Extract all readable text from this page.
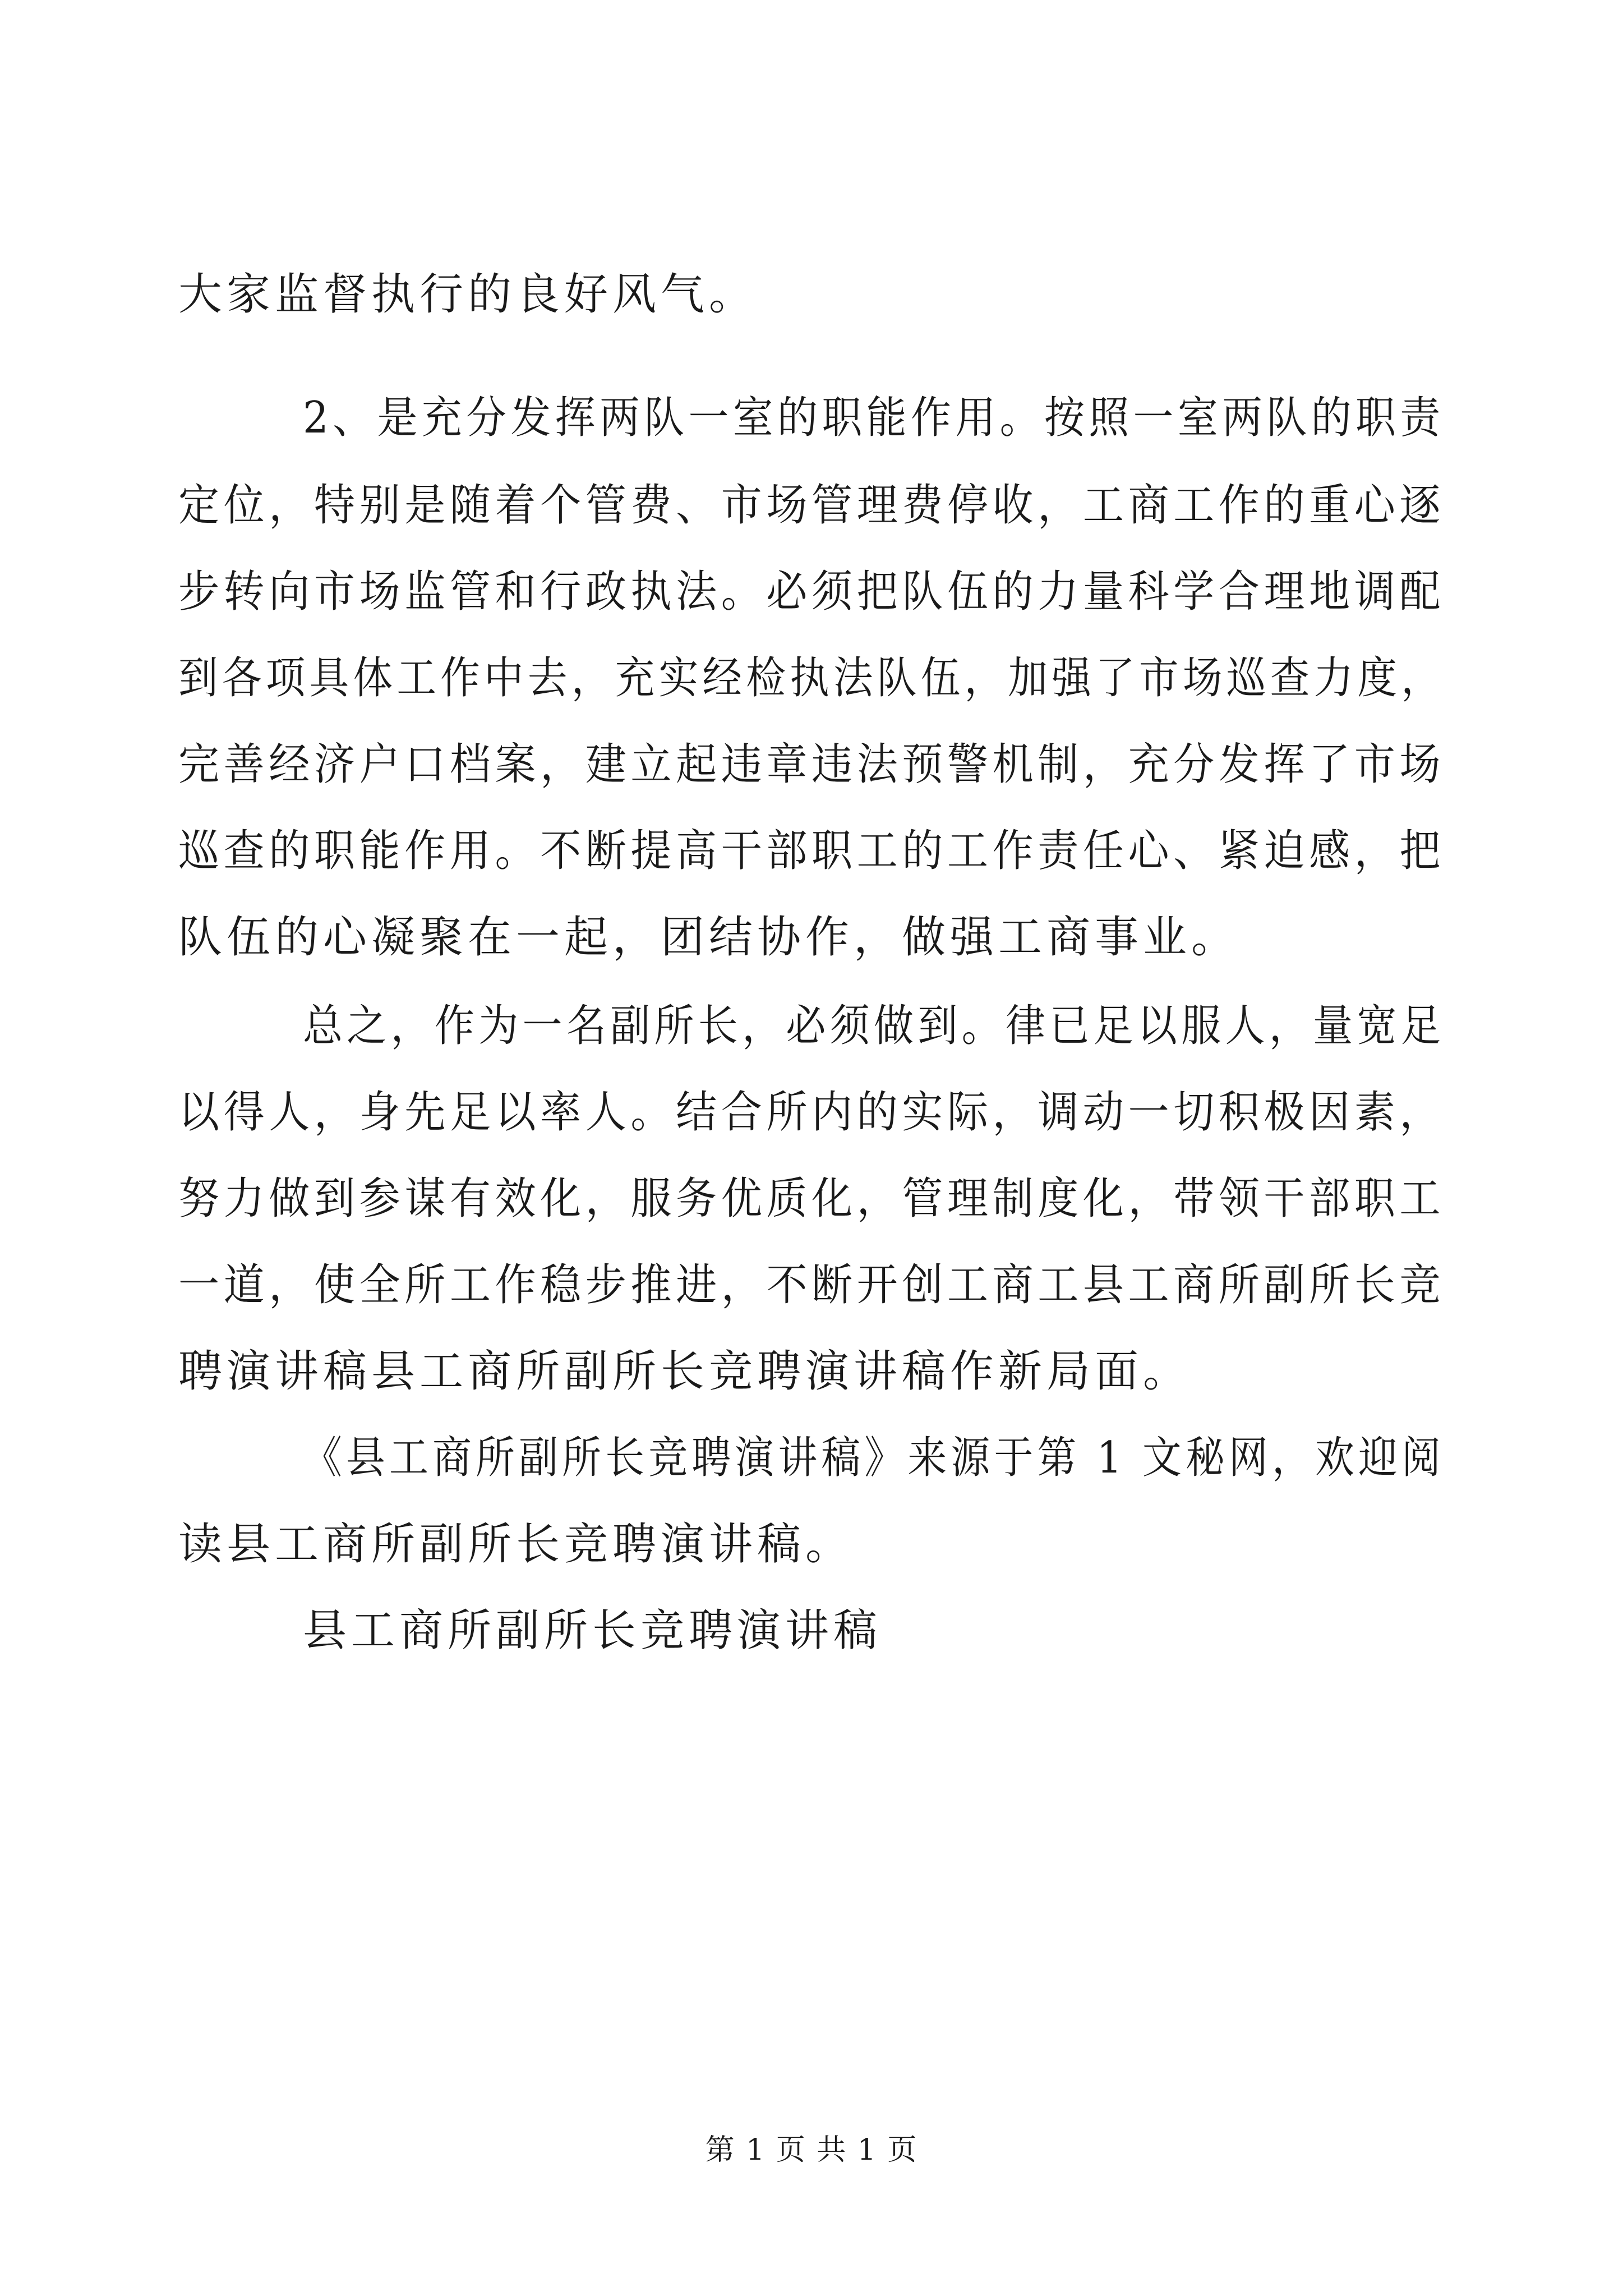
大家监督执行的良好风气。
2、是充分发挥两队一室的职能作用。按照一室两队的职责
定位，特别是随着个管费、市场管理费停收，工商工作的重心逐
步转向市场监管和行政执法。必须把队伍的力量科学合理地调配
到各项具体工作中去，充实经检执法队伍，加强了市场巡查力度，
完善经济户口档案，建立起违章违法预警机制，充分发挥了市场
巡查的职能作用。不断提高干部职工的工作责任心、紧迫感，把
队伍的心凝聚在一起，团结协作，做强工商事业。
总之，作为一名副所长，必须做到。律已足以服人，量宽足
以得人，身先足以率人。结合所内的实际，调动一切积极因素，
努力做到参谋有效化，服务优质化，管理制度化，带领干部职工
一道，使全所工作稳步推进，不断开创工商工县工商所副所长竞
聘演讲稿县工商所副所长竞聘演讲稿作新局面。
《县工商所副所长竞聘演讲稿》来源于第 1 文秘网，欢迎阅
读县工商所副所长竞聘演讲稿。
县工商所副所长竞聘演讲稿
第 1 页 共 1 页
